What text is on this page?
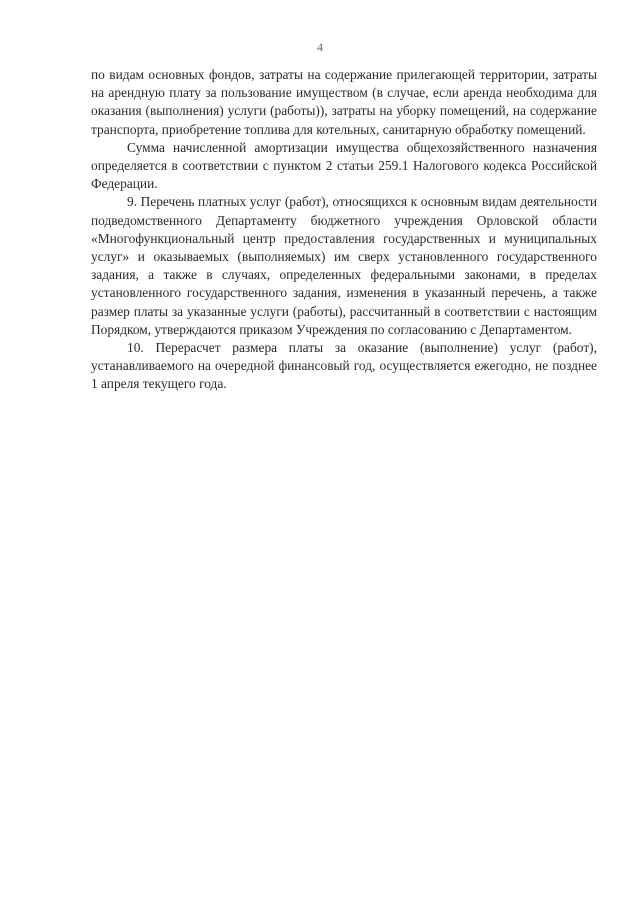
4

по видам основных фондов, затраты на содержание прилегающей территории, затраты на арендную плату за пользование имуществом (в случае, если аренда необходима для оказания (выполнения) услуги (работы)), затраты на уборку помещений, на содержание транспорта, приобретение топлива для котельных, санитарную обработку помещений.

Сумма начисленной амортизации имущества общехозяйственного назначения определяется в соответствии с пунктом 2 статьи 259.1 Налогового кодекса Российской Федерации.

9. Перечень платных услуг (работ), относящихся к основным видам деятельности подведомственного Департаменту бюджетного учреждения Орловской области «Многофункциональный центр предоставления государственных и муниципальных услуг» и оказываемых (выполняемых) им сверх установленного государственного задания, а также в случаях, определенных федеральными законами, в пределах установленного государственного задания, изменения в указанный перечень, а также размер платы за указанные услуги (работы), рассчитанный в соответствии с настоящим Порядком, утверждаются приказом Учреждения по согласованию с Департаментом.

10. Перерасчет размера платы за оказание (выполнение) услуг (работ), устанавливаемого на очередной финансовый год, осуществляется ежегодно, не позднее 1 апреля текущего года.
